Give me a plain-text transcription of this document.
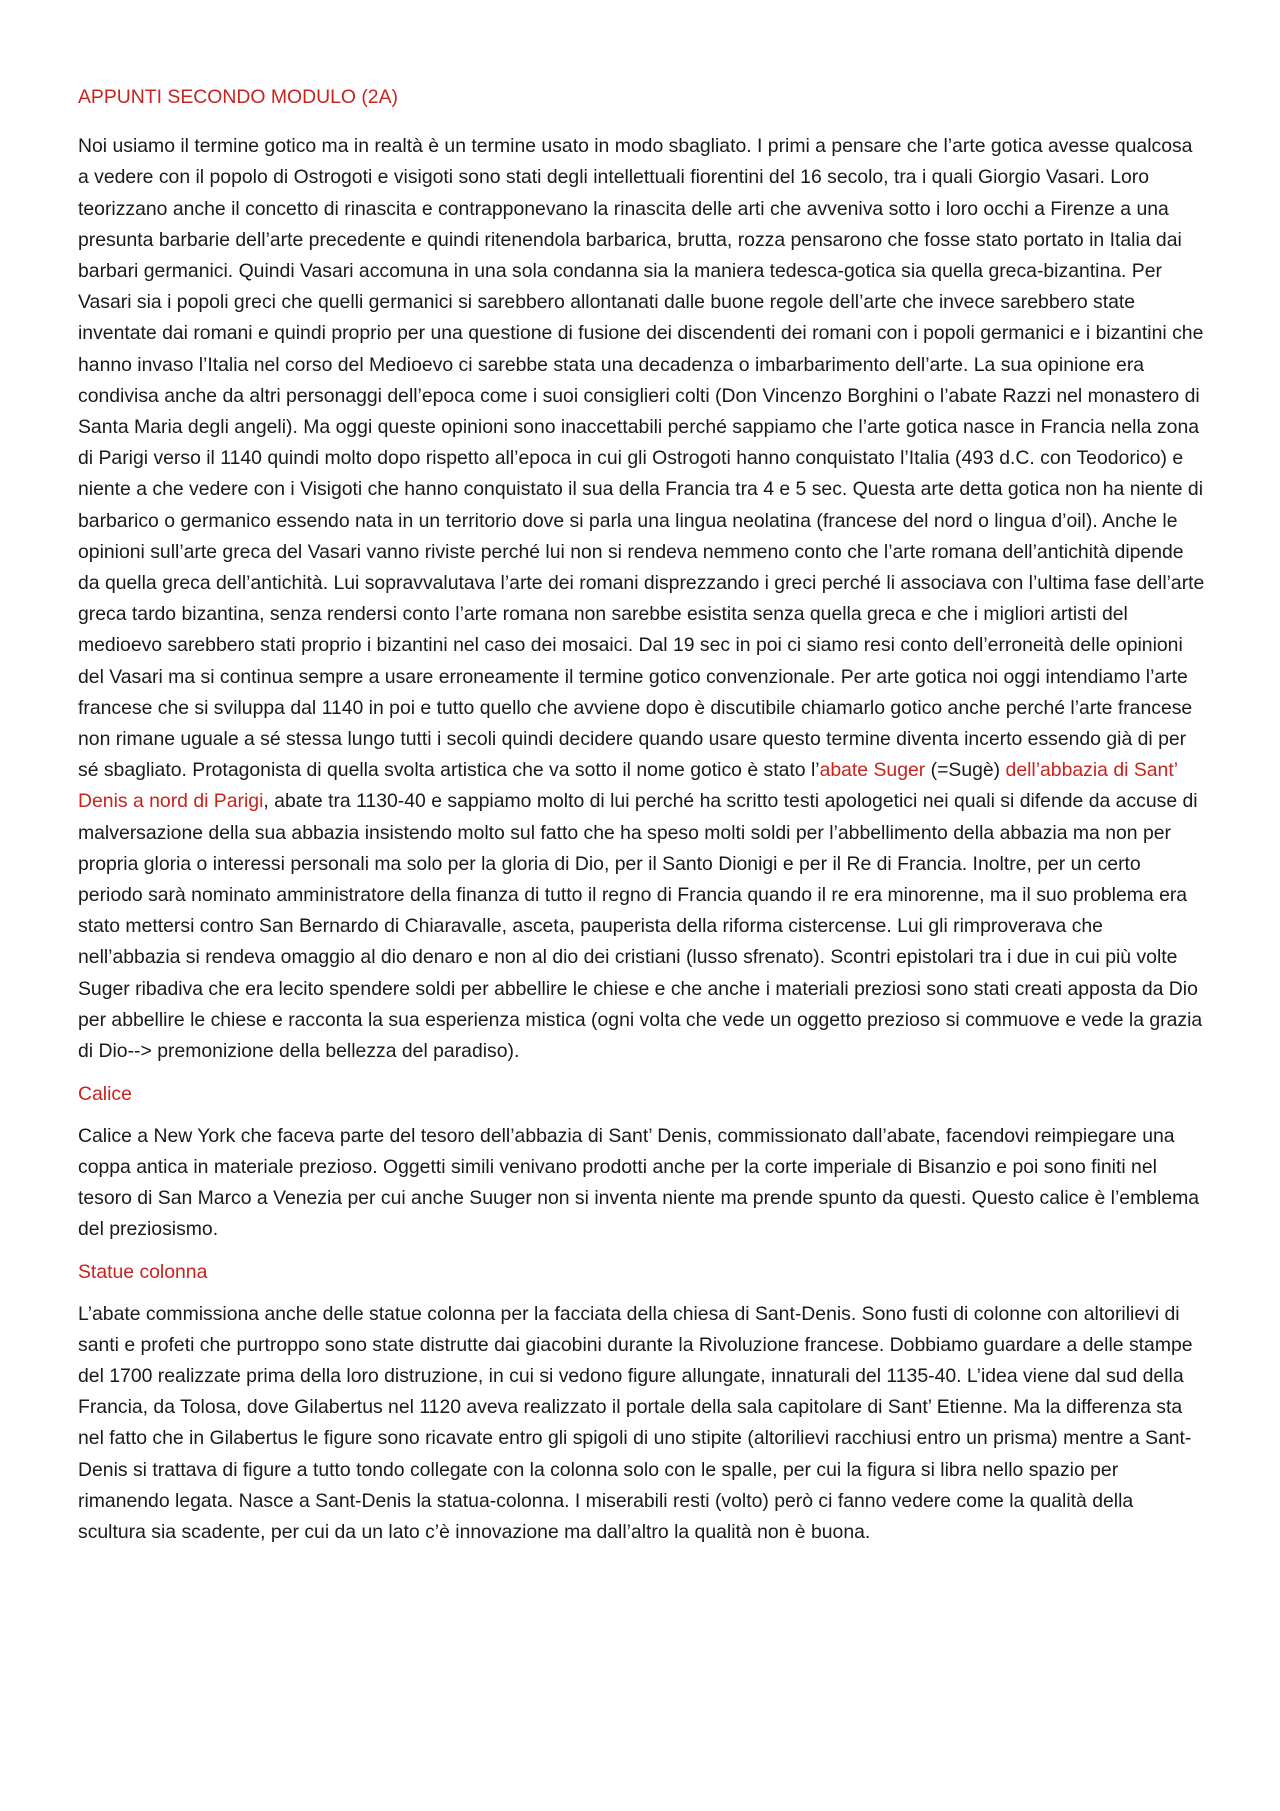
APPUNTI SECONDO MODULO (2A)

Noi usiamo il termine gotico ma in realtà è un termine usato in modo sbagliato. I primi a pensare che l’arte gotica avesse qualcosa a vedere con il popolo di Ostrogoti e visigoti sono stati degli intellettuali fiorentini del 16 secolo, tra i quali Giorgio Vasari. Loro teorizzano anche il concetto di rinascita e contrapponevano la rinascita delle arti che avveniva sotto i loro occhi a Firenze a una presunta barbarie dell’arte precedente e quindi ritenendola barbarica, brutta, rozza pensarono che fosse stato portato in Italia dai barbari germanici. Quindi Vasari accomuna in una sola condanna sia la maniera tedesca-gotica sia quella greca-bizantina. Per Vasari sia i popoli greci che quelli germanici si sarebbero allontanati dalle buone regole dell’arte che invece sarebbero state inventate dai romani e quindi proprio per una questione di fusione dei discendenti dei romani con i popoli germanici e i bizantini che hanno invaso l’Italia nel corso del Medioevo ci sarebbe stata una decadenza o imbarbarimento dell’arte. La sua opinione era condivisa anche da altri personaggi dell’epoca come i suoi consiglieri colti (Don Vincenzo Borghini o l’abate Razzi nel monastero di Santa Maria degli angeli). Ma oggi queste opinioni sono inaccettabili perché sappiamo che l’arte gotica nasce in Francia nella zona di Parigi verso il 1140 quindi molto dopo rispetto all’epoca in cui gli Ostrogoti hanno conquistato l’Italia (493 d.C. con Teodorico) e niente a che vedere con i Visigoti che hanno conquistato il sua della Francia tra 4 e 5 sec. Questa arte detta gotica non ha niente di barbarico o germanico essendo nata in un territorio dove si parla una lingua neolatina (francese del nord o lingua d’oil). Anche le opinioni sull’arte greca del Vasari vanno riviste perché lui non si rendeva nemmeno conto che l’arte romana dell’antichità dipende da quella greca dell’antichità. Lui sopravvalutava l’arte dei romani disprezzando i greci perché li associava con l’ultima fase dell’arte greca tardo bizantina, senza rendersi conto l’arte romana non sarebbe esistita senza quella greca e che i migliori artisti del medioevo sarebbero stati proprio i bizantini nel caso dei mosaici. Dal 19 sec in poi ci siamo resi conto dell’erroneità delle opinioni del Vasari ma si continua sempre a usare erroneamente il termine gotico convenzionale. Per arte gotica noi oggi intendiamo l’arte francese che si sviluppa dal 1140 in poi e tutto quello che avviene dopo è discutibile chiamarlo gotico anche perché l’arte francese non rimane uguale a sé stessa lungo tutti i secoli quindi decidere quando usare questo termine diventa incerto essendo già di per sé sbagliato. Protagonista di quella svolta artistica che va sotto il nome gotico è stato l’abate Suger (=Sugè) dell’abbazia di Sant’ Denis a nord di Parigi, abate tra 1130-40 e sappiamo molto di lui perché ha scritto testi apologetici nei quali si difende da accuse di malversazione della sua abbazia insistendo molto sul fatto che ha speso molti soldi per l’abbellimento della abbazia ma non per propria gloria o interessi personali ma solo per la gloria di Dio, per il Santo Dionigi e per il Re di Francia. Inoltre, per un certo periodo sarà nominato amministratore della finanza di tutto il regno di Francia quando il re era minorenne, ma il suo problema era stato mettersi contro San Bernardo di Chiaravalle, asceta, pauperista della riforma cistercense. Lui gli rimproverava che nell’abbazia si rendeva omaggio al dio denaro e non al dio dei cristiani (lusso sfrenato). Scontri epistolari tra i due in cui più volte Suger ribadiva che era lecito spendere soldi per abbellire le chiese e che anche i materiali preziosi sono stati creati apposta da Dio per abbellire le chiese e racconta la sua esperienza mistica (ogni volta che vede un oggetto prezioso si commuove e vede la grazia di Dio--> premonizione della bellezza del paradiso).

Calice

Calice a New York che faceva parte del tesoro dell’abbazia di Sant’ Denis, commissionato dall’abate, facendovi reimpiegare una coppa antica in materiale prezioso. Oggetti simili venivano prodotti anche per la corte imperiale di Bisanzio e poi sono finiti nel tesoro di San Marco a Venezia per cui anche Suuger non si inventa niente ma prende spunto da questi. Questo calice è l’emblema del preziosismo.

Statue colonna

L’abate commissiona anche delle statue colonna per la facciata della chiesa di Sant-Denis. Sono fusti di colonne con altorilievi di santi e profeti che purtroppo sono state distrutte dai giacobini durante la Rivoluzione francese. Dobbiamo guardare a delle stampe del 1700 realizzate prima della loro distruzione, in cui si vedono figure allungate, innaturali del 1135-40. L’idea viene dal sud della Francia, da Tolosa, dove Gilabertus nel 1120 aveva realizzato il portale della sala capitolare di Sant’ Etienne. Ma la differenza sta nel fatto che in Gilabertus le figure sono ricavate entro gli spigoli di uno stipite (altorilievi racchiusi entro un prisma) mentre a Sant-Denis si trattava di figure a tutto tondo collegate con la colonna solo con le spalle, per cui la figura si libra nello spazio per rimanendo legata. Nasce a Sant-Denis la statua-colonna. I miserabili resti (volto) però ci fanno vedere come la qualità della scultura sia scadente, per cui da un lato c’è innovazione ma dall’altro la qualità non è buona.
